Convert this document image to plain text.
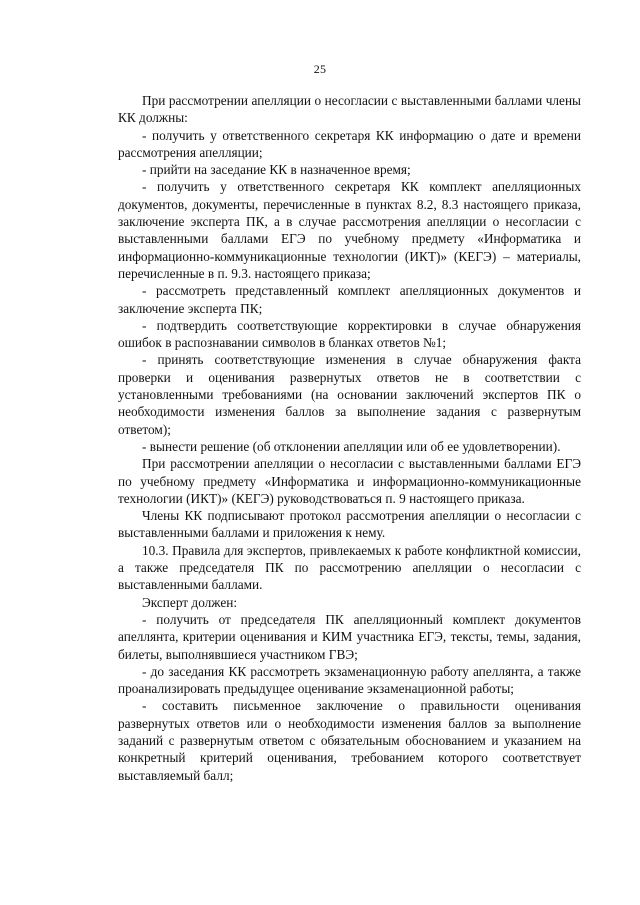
25

При рассмотрении апелляции о несогласии с выставленными баллами члены КК должны:

- получить у ответственного секретаря КК информацию о дате и времени рассмотрения апелляции;

- прийти на заседание КК в назначенное время;

- получить у ответственного секретаря КК комплект апелляционных документов, документы, перечисленные в пунктах 8.2, 8.3 настоящего приказа, заключение эксперта ПК, а в случае рассмотрения апелляции о несогласии с выставленными баллами ЕГЭ по учебному предмету «Информатика и информационно-коммуникационные технологии (ИКТ)» (КЕГЭ) – материалы, перечисленные в п. 9.3. настоящего приказа;

- рассмотреть представленный комплект апелляционных документов и заключение эксперта ПК;

- подтвердить соответствующие корректировки в случае обнаружения ошибок в распознавании символов в бланках ответов №1;

- принять соответствующие изменения в случае обнаружения факта проверки и оценивания развернутых ответов не в соответствии с установленными требованиями (на основании заключений экспертов ПК о необходимости изменения баллов за выполнение задания с развернутым ответом);

- вынести решение (об отклонении апелляции или об ее удовлетворении).

При рассмотрении апелляции о несогласии с выставленными баллами ЕГЭ по учебному предмету «Информатика и информационно-коммуникационные технологии (ИКТ)» (КЕГЭ) руководствоваться п. 9 настоящего приказа.

Члены КК подписывают протокол рассмотрения апелляции о несогласии с выставленными баллами и приложения к нему.

10.3. Правила для экспертов, привлекаемых к работе конфликтной комиссии, а также председателя ПК по рассмотрению апелляции о несогласии с выставленными баллами.

Эксперт должен:

- получить от председателя ПК апелляционный комплект документов апеллянта, критерии оценивания и КИМ участника ЕГЭ, тексты, темы, задания, билеты, выполнявшиеся участником ГВЭ;

- до заседания КК рассмотреть экзаменационную работу апеллянта, а также проанализировать предыдущее оценивание экзаменационной работы;

- составить письменное заключение о правильности оценивания развернутых ответов или о необходимости изменения баллов за выполнение заданий с развернутым ответом с обязательным обоснованием и указанием на конкретный критерий оценивания, требованием которого соответствует выставляемый балл;
